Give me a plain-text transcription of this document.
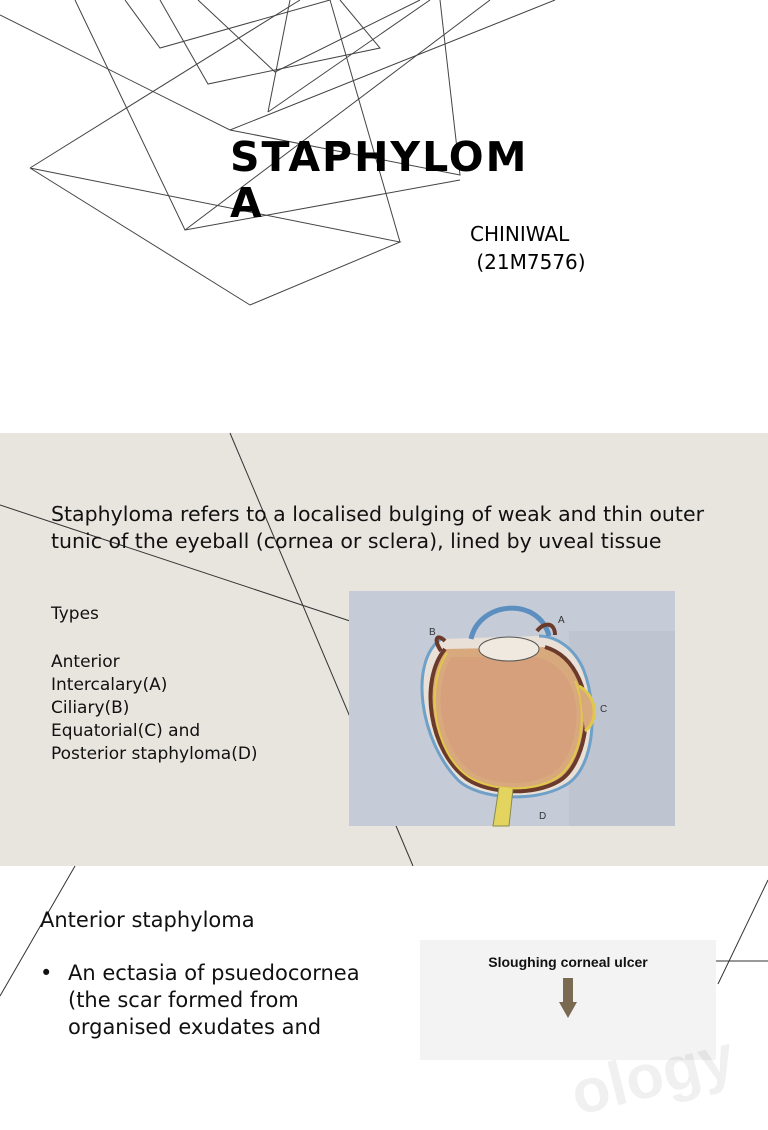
STAPHYLOM
A
CHINIWAL
(21M7576)

Staphyloma refers to a localised bulging of weak and thin outer tunic of the eyeball (cornea or sclera), lined by uveal tissue

Types
Anterior
Intercalary(A)
Ciliary(B)
Equatorial(C) and
Posterior staphyloma(D)
B
A
C
D
Anterior staphyloma
• An ectasia of psuedocornea (the scar formed from organised exudates and	ology
Sloughing corneal ulcer
